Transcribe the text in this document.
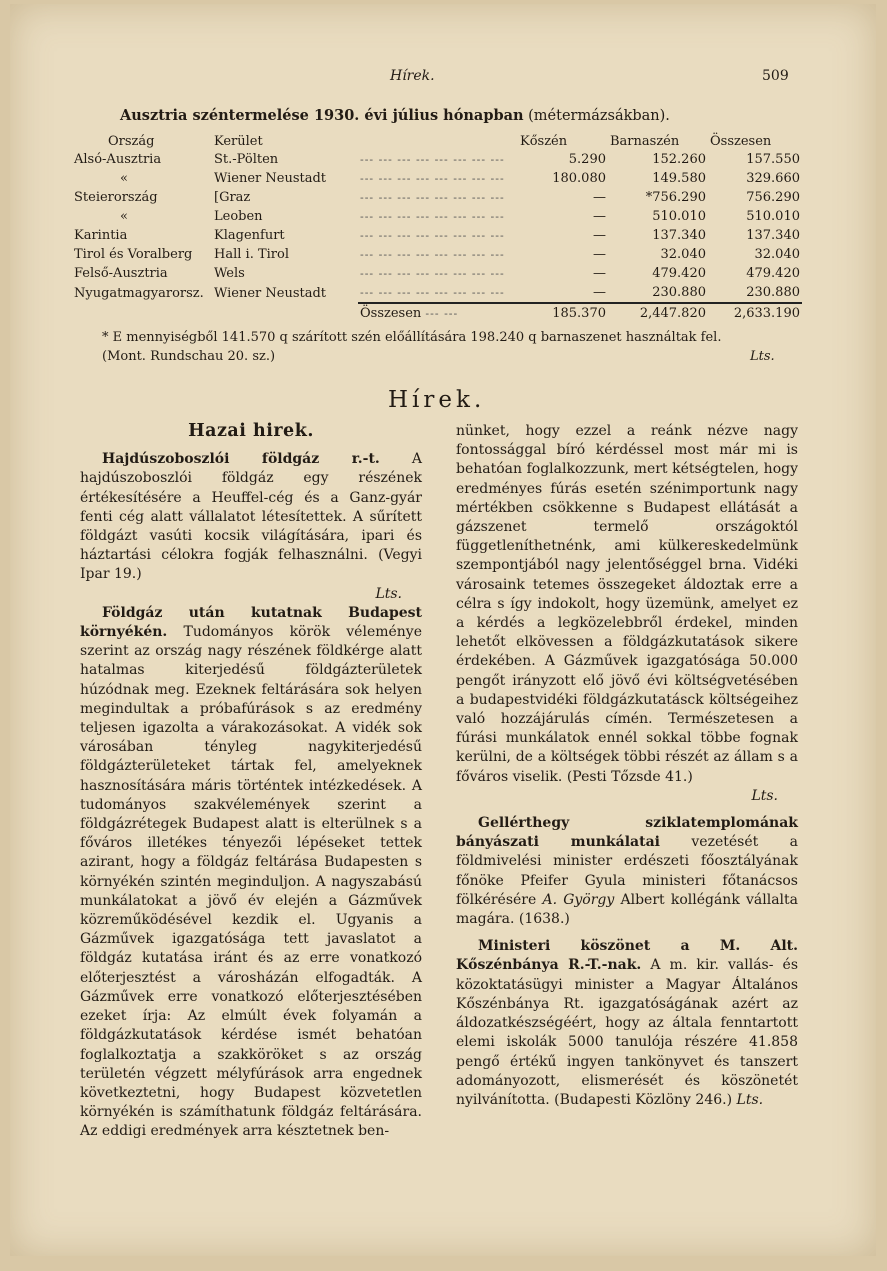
Hírek.	509
Ausztria széntermelése 1930. évi július hónapban (métermázsákban).
Ország	Kerület		Kőszén	Barnaszén	Összesen
Alsó-Ausztria	St.-Pölten	--- --- --- --- --- --- --- ---	5.290	152.260	157.550
«	Wiener Neustadt	--- --- --- --- --- --- --- ---	180.080	149.580	329.660
Steierország	[Graz	--- --- --- --- --- --- --- ---	—	*756.290	756.290
«	Leoben	--- --- --- --- --- --- --- ---	—	510.010	510.010
Karintia	Klagenfurt	--- --- --- --- --- --- --- ---	—	137.340	137.340
Tirol és Voralberg	Hall i. Tirol	--- --- --- --- --- --- --- ---	—	32.040	32.040
Felső-Ausztria	Wels	--- --- --- --- --- --- --- ---	—	479.420	479.420
Nyugatmagyarorsz.	Wiener Neustadt	--- --- --- --- --- --- --- ---	—	230.880	230.880
		Összesen --- ---	185.370	2,447.820	2,633.190
* E mennyiségből 141.570 q szárított szén előállítására 198.240 q barnaszenet használtak fel.
(Mont. Rundschau 20. sz.)	Lts.
Hírek.

Hazai hirek.

Hajdúszoboszlói földgáz r.-t. A hajdúszoboszlói földgáz egy részének értékesítésére a Heuffel-cég és a Ganz-gyár fenti cég alatt vállalatot létesítettek. A sűrített földgázt vasúti kocsik világítására, ipari és háztartási célokra fogják felhasználni. (Vegyi Ipar 19.)

Lts.

Földgáz után kutatnak Budapest környékén. Tudományos körök véleménye szerint az ország nagy részének földkérge alatt hatalmas kiterjedésű földgázterületek húzódnak meg. Ezeknek feltárására sok helyen megindultak a próbafúrások s az eredmény teljesen igazolta a várakozásokat. A vidék sok városában tényleg nagykiterjedésű földgázterületeket tártak fel, amelyeknek hasznosítására máris történtek intézkedések. A tudományos szakvélemények szerint a földgázrétegek Budapest alatt is elterülnek s a főváros illetékes tényezői lépéseket tettek azirant, hogy a földgáz feltárása Budapesten s környékén szintén meginduljon. A nagyszabású munkálatokat a jövő év elején a Gázművek közreműködésével kezdik el. Ugyanis a Gázművek igazgatósága tett javaslatot a földgáz kutatása iránt és az erre vonatkozó előterjesztést a városházán elfogadták. A Gázművek erre vonatkozó előterjesztésében ezeket írja: Az elmúlt évek folyamán a földgázkutatások kérdése ismét behatóan foglalkoztatja a szakköröket s az ország területén végzett mélyfúrások arra engednek következtetni, hogy Budapest közvetetlen környékén is számíthatunk földgáz feltárására. Az eddigi eredmények arra késztetnek ben-

nünket, hogy ezzel a reánk nézve nagy fontossággal bíró kérdéssel most már mi is behatóan foglalkozzunk, mert kétségtelen, hogy eredményes fúrás esetén szénimportunk nagy mértékben csökkenne s Budapest ellátását a gázszenet termelő országoktól függetleníthetnénk, ami külkereskedelmünk szempontjából nagy jelentőséggel brna. Vidéki városaink tetemes összegeket áldoztak erre a célra s így indokolt, hogy üzemünk, amelyet ez a kérdés a legközelebbről érdekel, minden lehetőt elkövessen a földgázkutatások sikere érdekében. A Gázművek igazgatósága 50.000 pengőt irányzott elő jövő évi költségvetésében a budapestvidéki földgázkutatásck költségeihez való hozzájárulás címén. Természetesen a fúrási munkálatok ennél sokkal többe fognak kerülni, de a költségek többi részét az állam s a főváros viselik. (Pesti Tőzsde 41.)

Lts.

Gellérthegy sziklatemplomának bányászati munkálatai vezetését a földmivelési minister erdészeti főosztályának főnöke Pfeifer Gyula ministeri főtanácsos fölkérésére A. György Albert kollégánk vállalta magára. (1638.)

Ministeri köszönet a M. Alt. Kőszénbánya R.-T.-nak. A m. kir. vallás- és közoktatásügyi minister a Magyar Általános Kőszénbánya Rt. igazgatóságának azért az áldozatkészségéért, hogy az általa fenntartott elemi iskolák 5000 tanulója részére 41.858 pengő értékű ingyen tankönyvet és tanszert adományozott, elismerését és köszönetét nyilvánította. (Budapesti Közlöny 246.) Lts.
